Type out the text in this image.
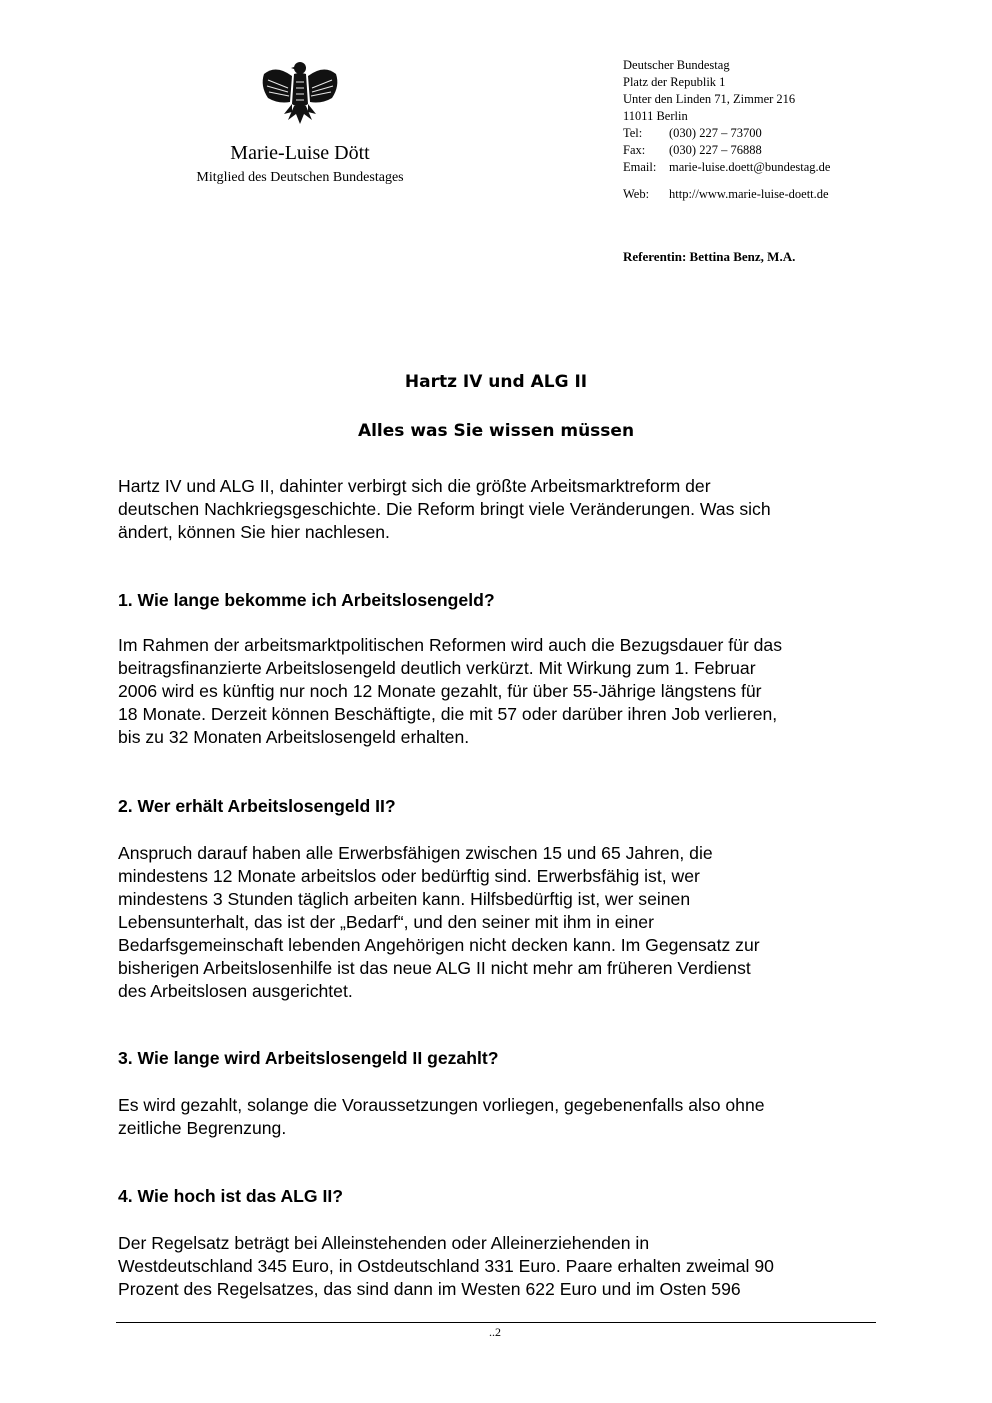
Marie-Luise Dött
Mitglied des Deutschen Bundestages
Deutscher Bundestag
Platz der Republik 1
Unter den Linden 71, Zimmer 216
11011 Berlin
Tel: (030) 227 – 73700
Fax: (030) 227 – 76888
Email: marie-luise.doett@bundestag.de
Web: http://www.marie-luise-doett.de
Referentin: Bettina Benz, M.A.
Hartz IV und ALG II
Alles was Sie wissen müssen
Hartz IV und ALG II, dahinter verbirgt sich die größte Arbeitsmarktreform der
deutschen Nachkriegsgeschichte. Die Reform bringt viele Veränderungen. Was sich
ändert, können Sie hier nachlesen.
1. Wie lange bekomme ich Arbeitslosengeld?
Im Rahmen der arbeitsmarktpolitischen Reformen wird auch die Bezugsdauer für das
beitragsfinanzierte Arbeitslosengeld deutlich verkürzt. Mit Wirkung zum 1. Februar
2006 wird es künftig nur noch 12 Monate gezahlt, für über 55-Jährige längstens für
18 Monate. Derzeit können Beschäftigte, die mit 57 oder darüber ihren Job verlieren,
bis zu 32 Monaten Arbeitslosengeld erhalten.
2. Wer erhält Arbeitslosengeld II?
Anspruch darauf haben alle Erwerbsfähigen zwischen 15 und 65 Jahren, die
mindestens 12 Monate arbeitslos oder bedürftig sind. Erwerbsfähig ist, wer
mindestens 3 Stunden täglich arbeiten kann. Hilfsbedürftig ist, wer seinen
Lebensunterhalt, das ist der „Bedarf“, und den seiner mit ihm in einer
Bedarfsgemeinschaft lebenden Angehörigen nicht decken kann. Im Gegensatz zur
bisherigen Arbeitslosenhilfe ist das neue ALG II nicht mehr am früheren Verdienst
des Arbeitslosen ausgerichtet.
3. Wie lange wird Arbeitslosengeld II gezahlt?
Es wird gezahlt, solange die Voraussetzungen vorliegen, gegebenenfalls also ohne
zeitliche Begrenzung.
4. Wie hoch ist das ALG II?
Der Regelsatz beträgt bei Alleinstehenden oder Alleinerziehenden in
Westdeutschland 345 Euro, in Ostdeutschland 331 Euro. Paare erhalten zweimal 90
Prozent des Regelsatzes, das sind dann im Westen 622 Euro und im Osten 596
..2
